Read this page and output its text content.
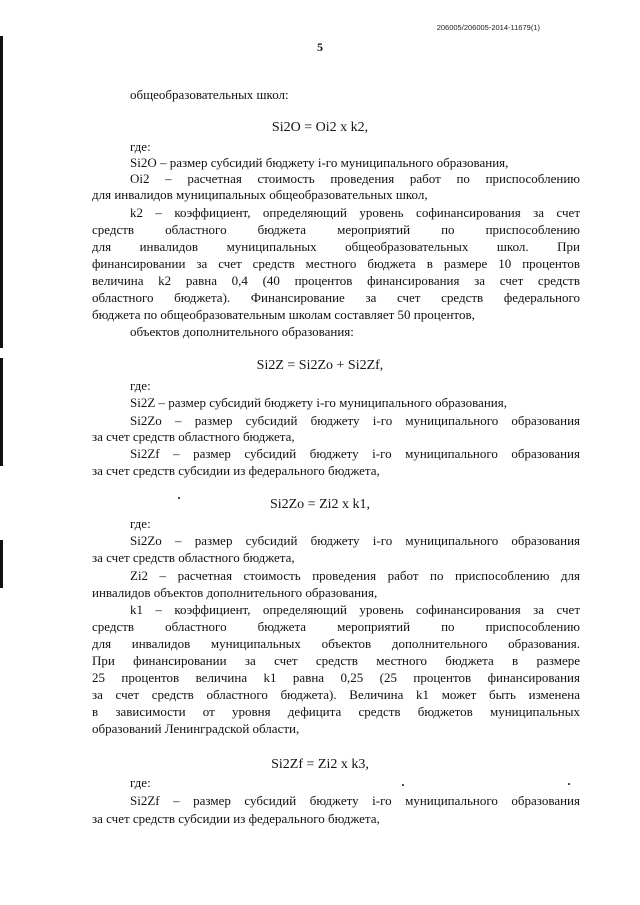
206005/206005-2014-11679(1)
5
общеобразовательных школ:
Si2O = Oi2 x k2,
где:
Si2O – размер субсидий бюджету i-го муниципального образования,
Oi2 – расчетная стоимость проведения работ по приспособлению
для инвалидов муниципальных общеобразовательных школ,
k2 – коэффициент, определяющий уровень софинансирования за счет
средств областного бюджета мероприятий по приспособлению
для инвалидов муниципальных общеобразовательных школ. При
финансировании за счет средств местного бюджета в размере 10 процентов
величина k2 равна 0,4 (40 процентов финансирования за счет средств
областного бюджета). Финансирование за счет средств федерального
бюджета по общеобразовательным школам составляет 50 процентов,
объектов дополнительного образования:
Si2Z = Si2Zo + Si2Zf,
где:
Si2Z – размер субсидий бюджету i-го муниципального образования,
Si2Zo – размер субсидий бюджету i-го муниципального образования
за счет средств областного бюджета,
Si2Zf – размер субсидий бюджету i-го муниципального образования
за счет средств субсидии из федерального бюджета,
Si2Zo = Zi2 x k1,
где:
Si2Zo – размер субсидий бюджету i-го муниципального образования
за счет средств областного бюджета,
Zi2 – расчетная стоимость проведения работ по приспособлению для
инвалидов объектов дополнительного образования,
k1 – коэффициент, определяющий уровень софинансирования за счет
средств областного бюджета мероприятий по приспособлению
для инвалидов муниципальных объектов дополнительного образования.
При финансировании за счет средств местного бюджета в размере
25 процентов величина k1 равна 0,25 (25 процентов финансирования
за счет средств областного бюджета). Величина k1 может быть изменена
в зависимости от уровня дефицита средств бюджетов муниципальных
образований Ленинградской области,
Si2Zf = Zi2 x k3,
где:
Si2Zf – размер субсидий бюджету i-го муниципального образования
за счет средств субсидии из федерального бюджета,
